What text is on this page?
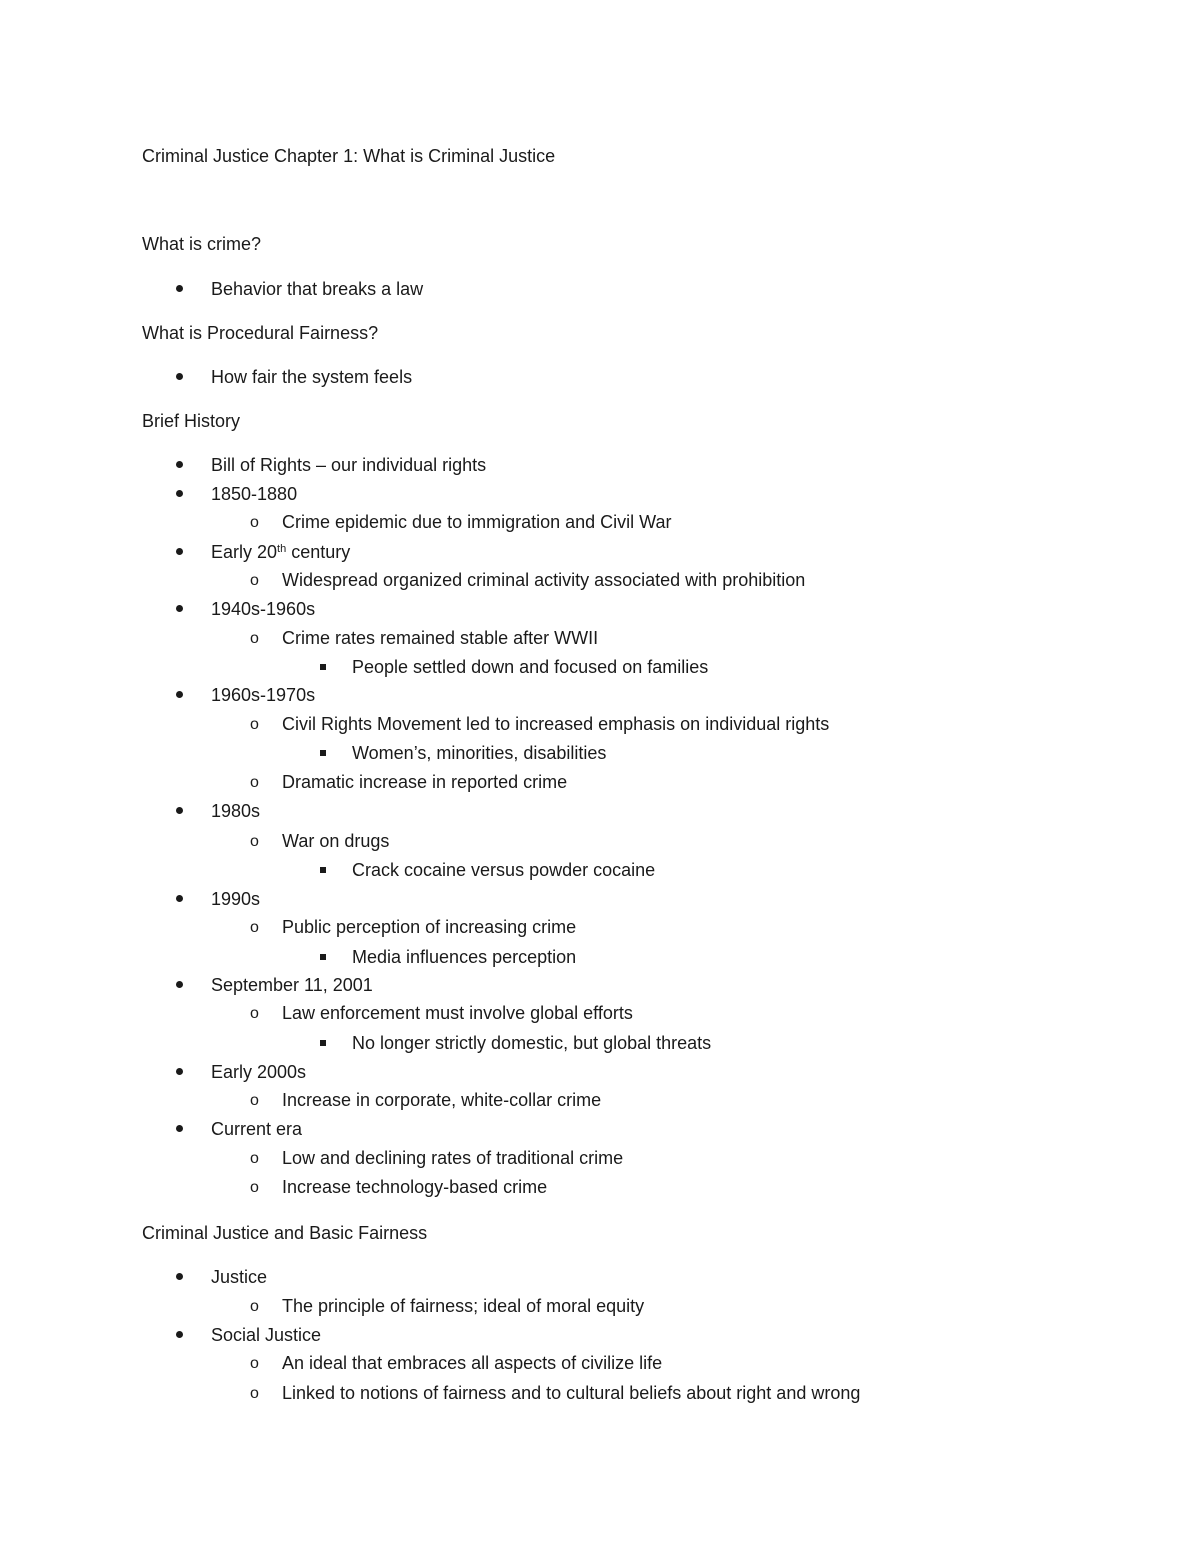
Criminal Justice Chapter 1: What is Criminal Justice
What is crime?
Behavior that breaks a law
What is Procedural Fairness?
How fair the system feels
Brief History
Bill of Rights – our individual rights
1850-1880
o Crime epidemic due to immigration and Civil War
Early 20th century
o Widespread organized criminal activity associated with prohibition
1940s-1960s
o Crime rates remained stable after WWII
People settled down and focused on families
1960s-1970s
o Civil Rights Movement led to increased emphasis on individual rights
Women’s, minorities, disabilities
o Dramatic increase in reported crime
1980s
o War on drugs
Crack cocaine versus powder cocaine
1990s
o Public perception of increasing crime
Media influences perception
September 11, 2001
o Law enforcement must involve global efforts
No longer strictly domestic, but global threats
Early 2000s
o Increase in corporate, white-collar crime
Current era
o Low and declining rates of traditional crime
o Increase technology-based crime
Criminal Justice and Basic Fairness
Justice
o The principle of fairness; ideal of moral equity
Social Justice
o An ideal that embraces all aspects of civilize life
o Linked to notions of fairness and to cultural beliefs about right and wrong
